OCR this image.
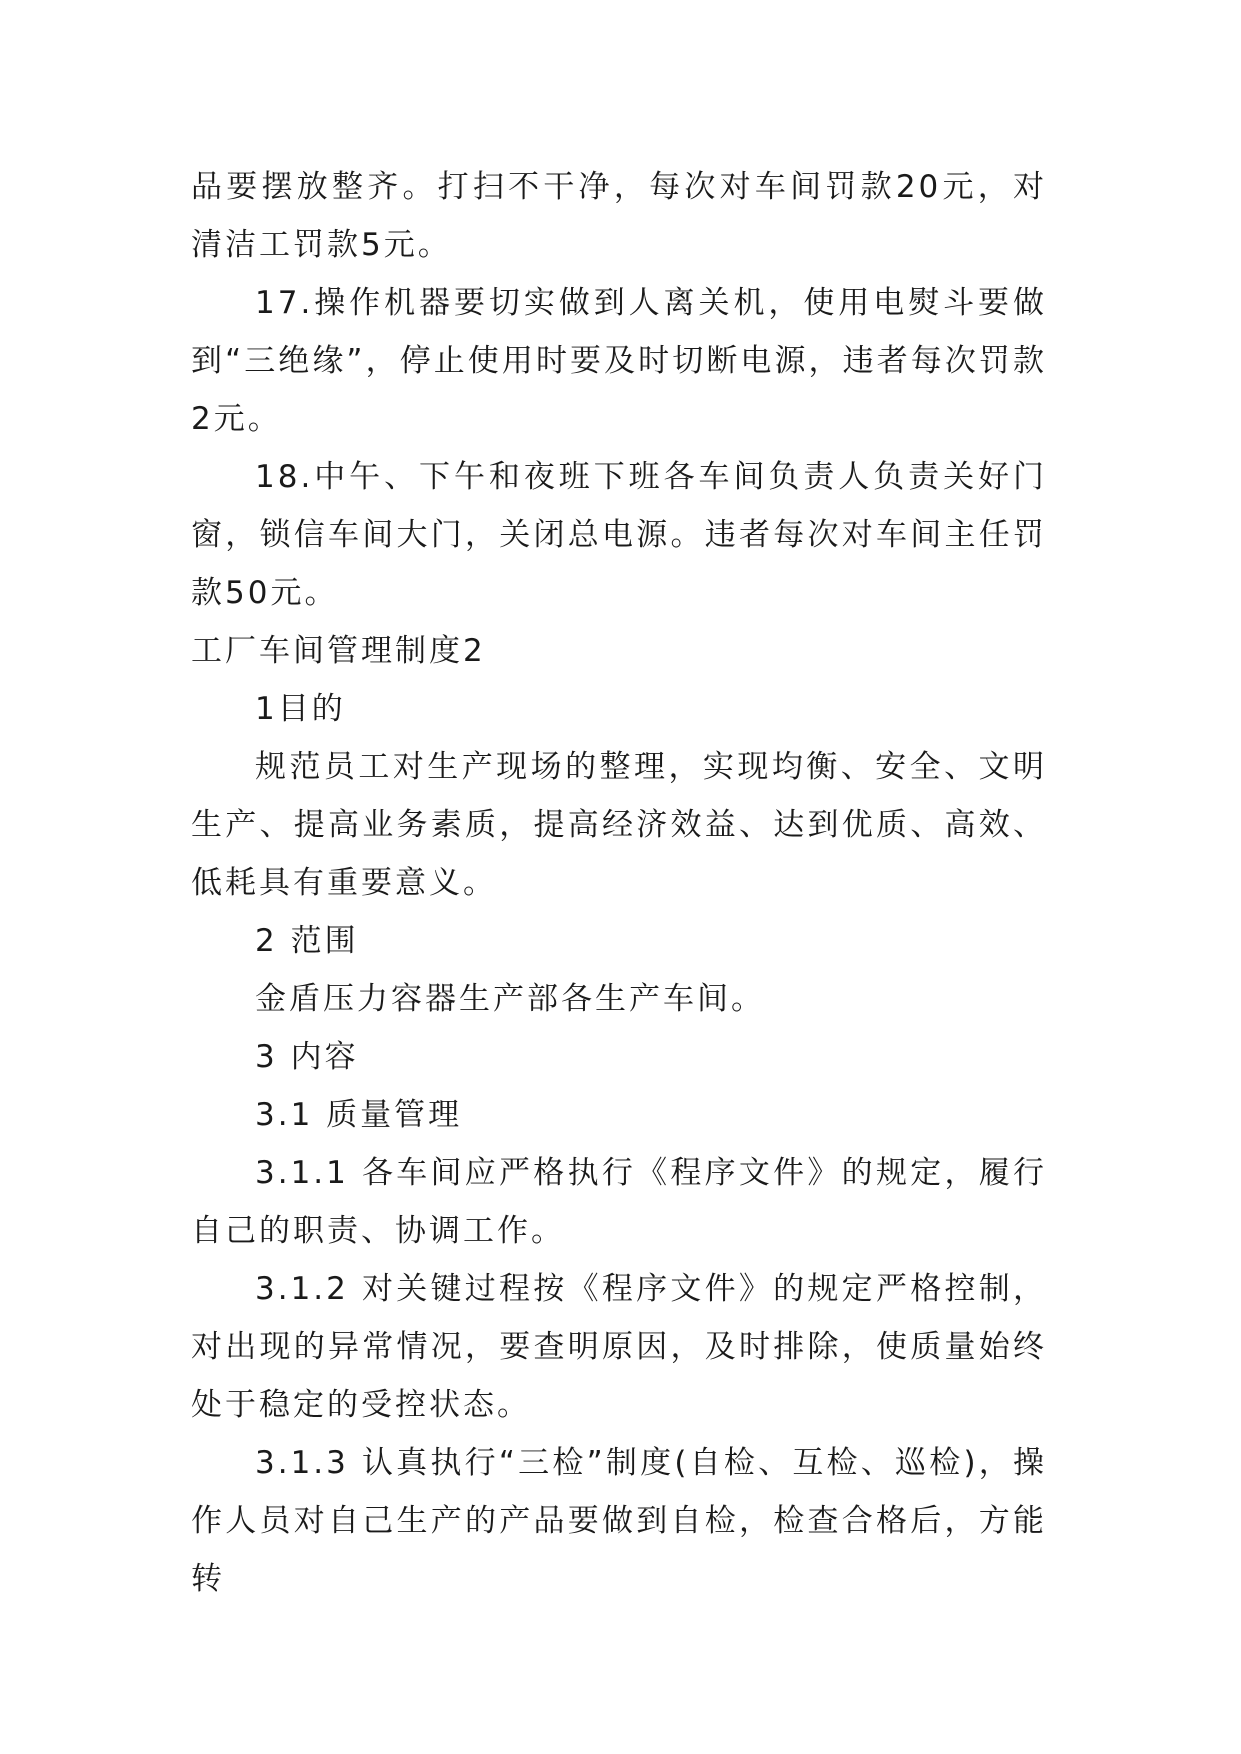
品要摆放整齐。打扫不干净，每次对车间罚款20元，对清洁工罚款5元。

17.操作机器要切实做到人离关机，使用电熨斗要做到“三绝缘”，停止使用时要及时切断电源，违者每次罚款2元。

18.中午、下午和夜班下班各车间负责人负责关好门窗，锁信车间大门，关闭总电源。违者每次对车间主任罚款50元。

工厂车间管理制度2

1目的

规范员工对生产现场的整理，实现均衡、安全、文明生产、提高业务素质，提高经济效益、达到优质、高效、低耗具有重要意义。

2 范围

金盾压力容器生产部各生产车间。

3 内容

3.1 质量管理

3.1.1 各车间应严格执行《程序文件》的规定，履行自己的职责、协调工作。

3.1.2 对关键过程按《程序文件》的规定严格控制，对出现的异常情况，要查明原因，及时排除，使质量始终处于稳定的受控状态。

3.1.3 认真执行“三检”制度(自检、互检、巡检)，操作人员对自己生产的产品要做到自检，检查合格后，方能转
